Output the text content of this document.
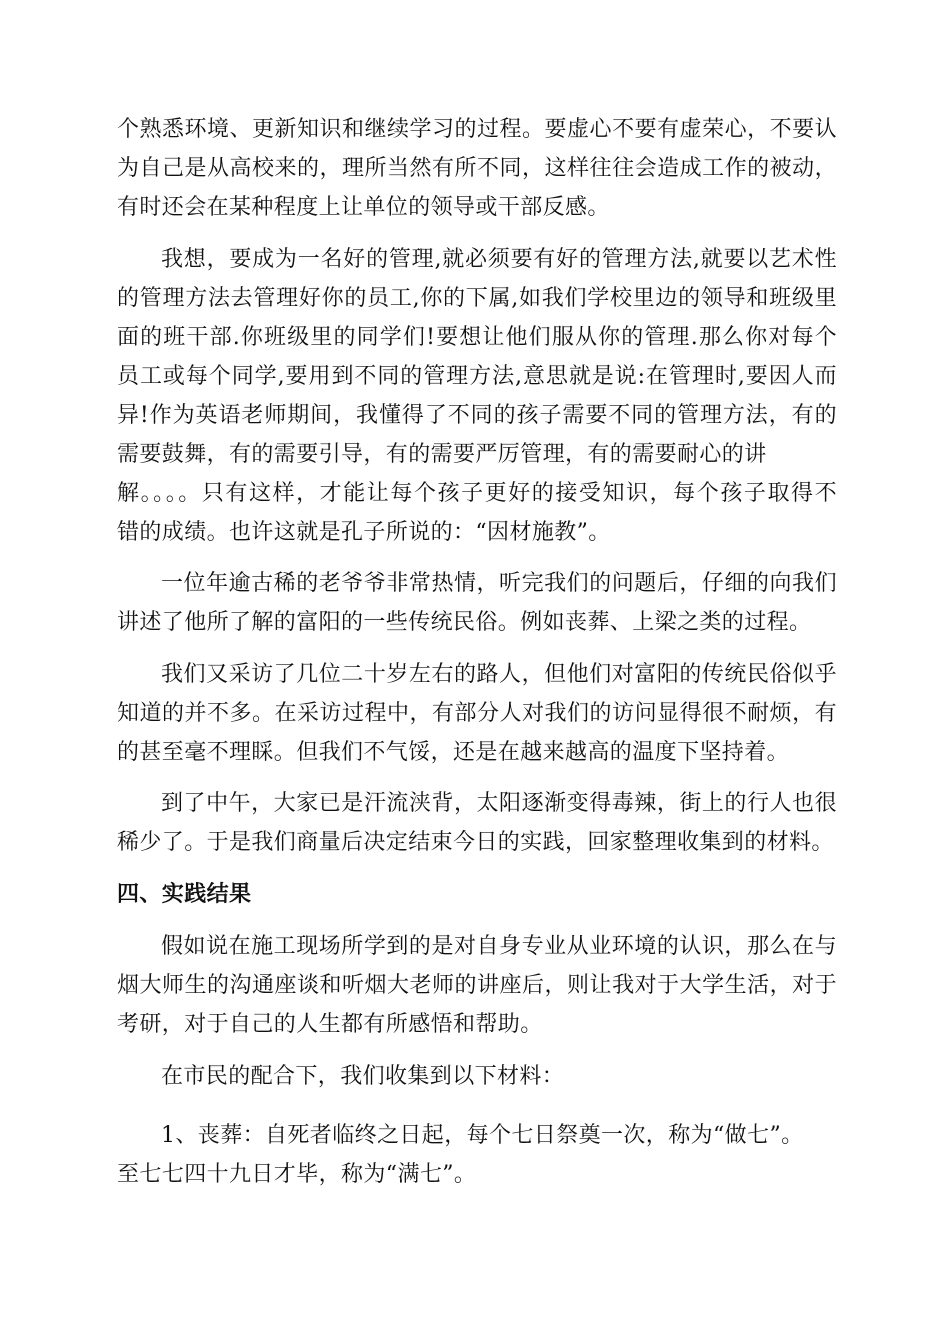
个熟悉环境、更新知识和继续学习的过程。要虚心不要有虚荣心，不要认
为自己是从高校来的，理所当然有所不同，这样往往会造成工作的被动，
有时还会在某种程度上让单位的领导或干部反感。
我想，要成为一名好的管理,就必须要有好的管理方法,就要以艺术性
的管理方法去管理好你的员工,你的下属,如我们学校里边的领导和班级里
面的班干部.你班级里的同学们!要想让他们服从你的管理.那么你对每个
员工或每个同学,要用到不同的管理方法,意思就是说:在管理时,要因人而
异!作为英语老师期间，我懂得了不同的孩子需要不同的管理方法，有的
需要鼓舞，有的需要引导，有的需要严厉管理，有的需要耐心的讲
解。。。。只有这样，才能让每个孩子更好的接受知识，每个孩子取得不
错的成绩。也许这就是孔子所说的：“因材施教”。
一位年逾古稀的老爷爷非常热情，听完我们的问题后，仔细的向我们
讲述了他所了解的富阳的一些传统民俗。例如丧葬、上梁之类的过程。
我们又采访了几位二十岁左右的路人，但他们对富阳的传统民俗似乎
知道的并不多。在采访过程中，有部分人对我们的访问显得很不耐烦，有
的甚至毫不理睬。但我们不气馁，还是在越来越高的温度下坚持着。
到了中午，大家已是汗流浃背，太阳逐渐变得毒辣，街上的行人也很
稀少了。于是我们商量后决定结束今日的实践，回家整理收集到的材料。
四、实践结果
假如说在施工现场所学到的是对自身专业从业环境的认识，那么在与
烟大师生的沟通座谈和听烟大老师的讲座后，则让我对于大学生活，对于
考研，对于自己的人生都有所感悟和帮助。
在市民的配合下，我们收集到以下材料：
1、丧葬：自死者临终之日起，每个七日祭奠一次，称为“做七”。
至七七四十九日才毕，称为“满七”。
